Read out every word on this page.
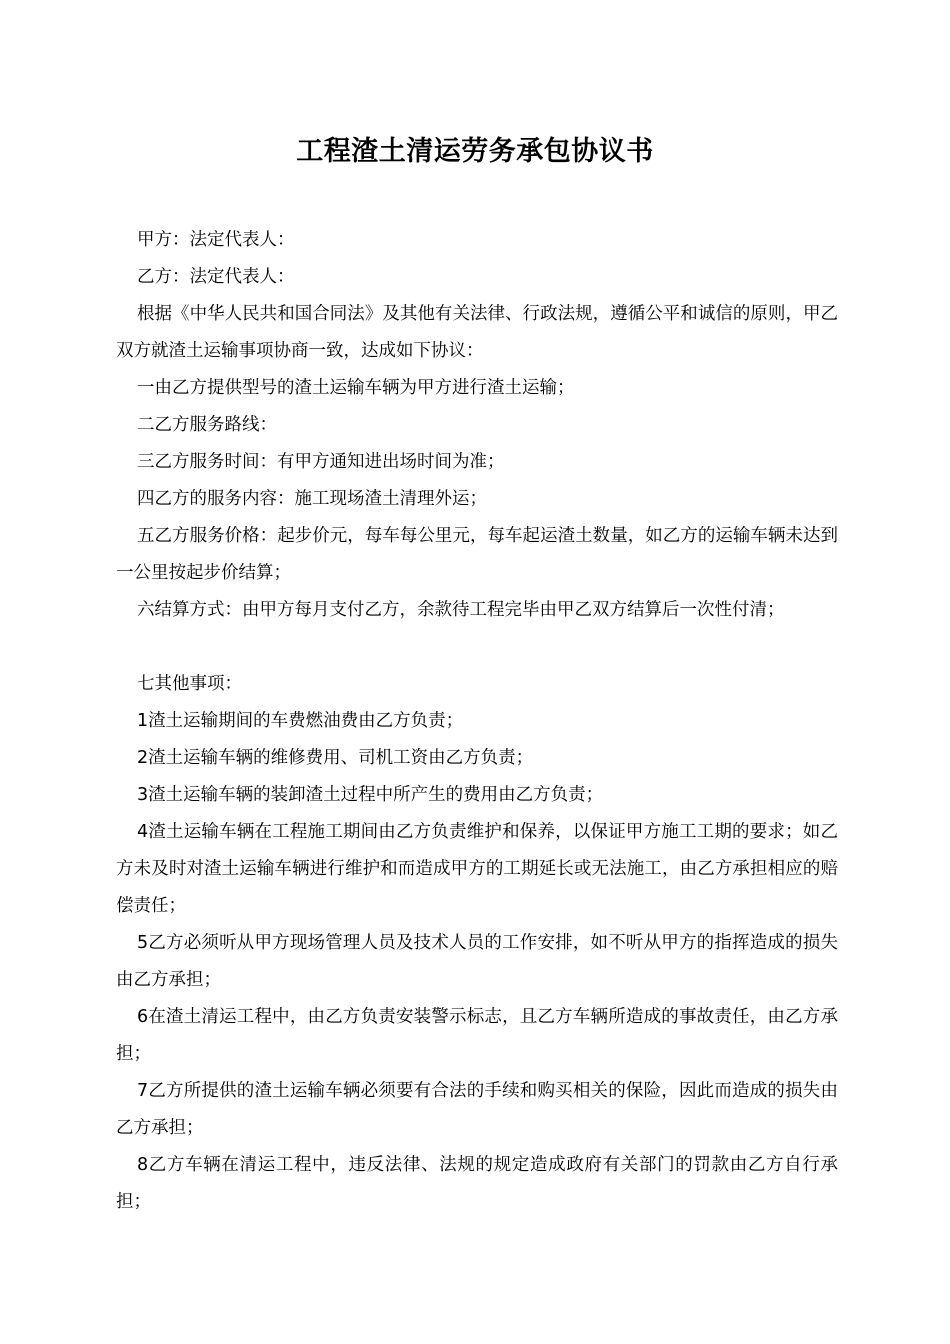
工程渣土清运劳务承包协议书

甲方：法定代表人：

乙方：法定代表人：

根据《中华人民共和国合同法》及其他有关法律、行政法规，遵循公平和诚信的原则，甲乙双方就渣土运输事项协商一致，达成如下协议：

一由乙方提供型号的渣土运输车辆为甲方进行渣土运输；

二乙方服务路线：

三乙方服务时间：有甲方通知进出场时间为准；

四乙方的服务内容：施工现场渣土清理外运；

五乙方服务价格：起步价元，每车每公里元，每车起运渣土数量，如乙方的运输车辆未达到一公里按起步价结算；

六结算方式：由甲方每月支付乙方，余款待工程完毕由甲乙双方结算后一次性付清；

七其他事项：

1渣土运输期间的车费燃油费由乙方负责；

2渣土运输车辆的维修费用、司机工资由乙方负责；

3渣土运输车辆的装卸渣土过程中所产生的费用由乙方负责；

4渣土运输车辆在工程施工期间由乙方负责维护和保养，以保证甲方施工工期的要求；如乙方未及时对渣土运输车辆进行维护和而造成甲方的工期延长或无法施工，由乙方承担相应的赔偿责任；

5乙方必须听从甲方现场管理人员及技术人员的工作安排，如不听从甲方的指挥造成的损失由乙方承担；

6在渣土清运工程中，由乙方负责安装警示标志，且乙方车辆所造成的事故责任，由乙方承担；

7乙方所提供的渣土运输车辆必须要有合法的手续和购买相关的保险，因此而造成的损失由乙方承担；

8乙方车辆在清运工程中，违反法律、法规的规定造成政府有关部门的罚款由乙方自行承担；
